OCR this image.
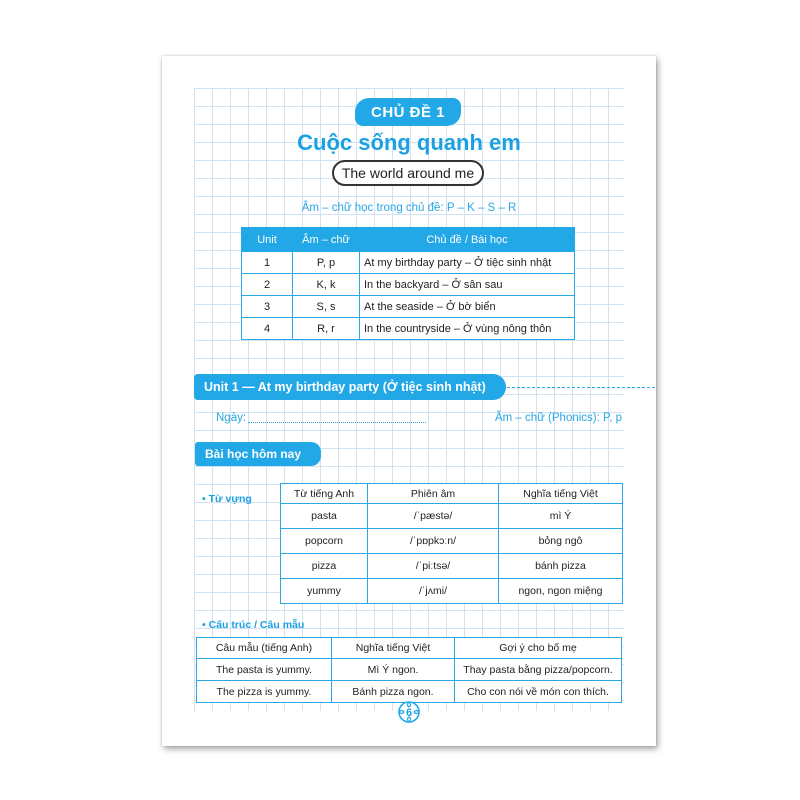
CHỦ ĐỀ 1
Cuộc sống quanh em
The world around me
Âm – chữ học trong chủ đề: P – K – S – R
Unit	Âm – chữ	Chủ đề / Bài học
1	P, p	At my birthday party – Ở tiệc sinh nhật
2	K, k	In the backyard – Ở sân sau
3	S, s	At the seaside – Ở bờ biển
4	R, r	In the countryside – Ở vùng nông thôn
Unit 1 — At my birthday party (Ở tiệc sinh nhật)
Ngày:	Âm – chữ (Phonics): P, p
Bài học hôm nay
• Từ vựng	Từ tiếng Anh	Phiên âm	Nghĩa tiếng Việt
pasta	/ˈpæstə/	mì Ý
popcorn	/ˈpɒpkɔːn/	bỏng ngô
pizza	/ˈpiːtsə/	bánh pizza
yummy	/ˈjʌmi/	ngon, ngon miệng
• Cấu trúc / Câu mẫu
Câu mẫu (tiếng Anh)	Nghĩa tiếng Việt	Gợi ý cho bố mẹ
The pasta is yummy.	Mì Ý ngon.	Thay pasta bằng pizza/popcorn.
The pizza is yummy.	Bánh pizza ngon.	Cho con nói về món con thích.
6
